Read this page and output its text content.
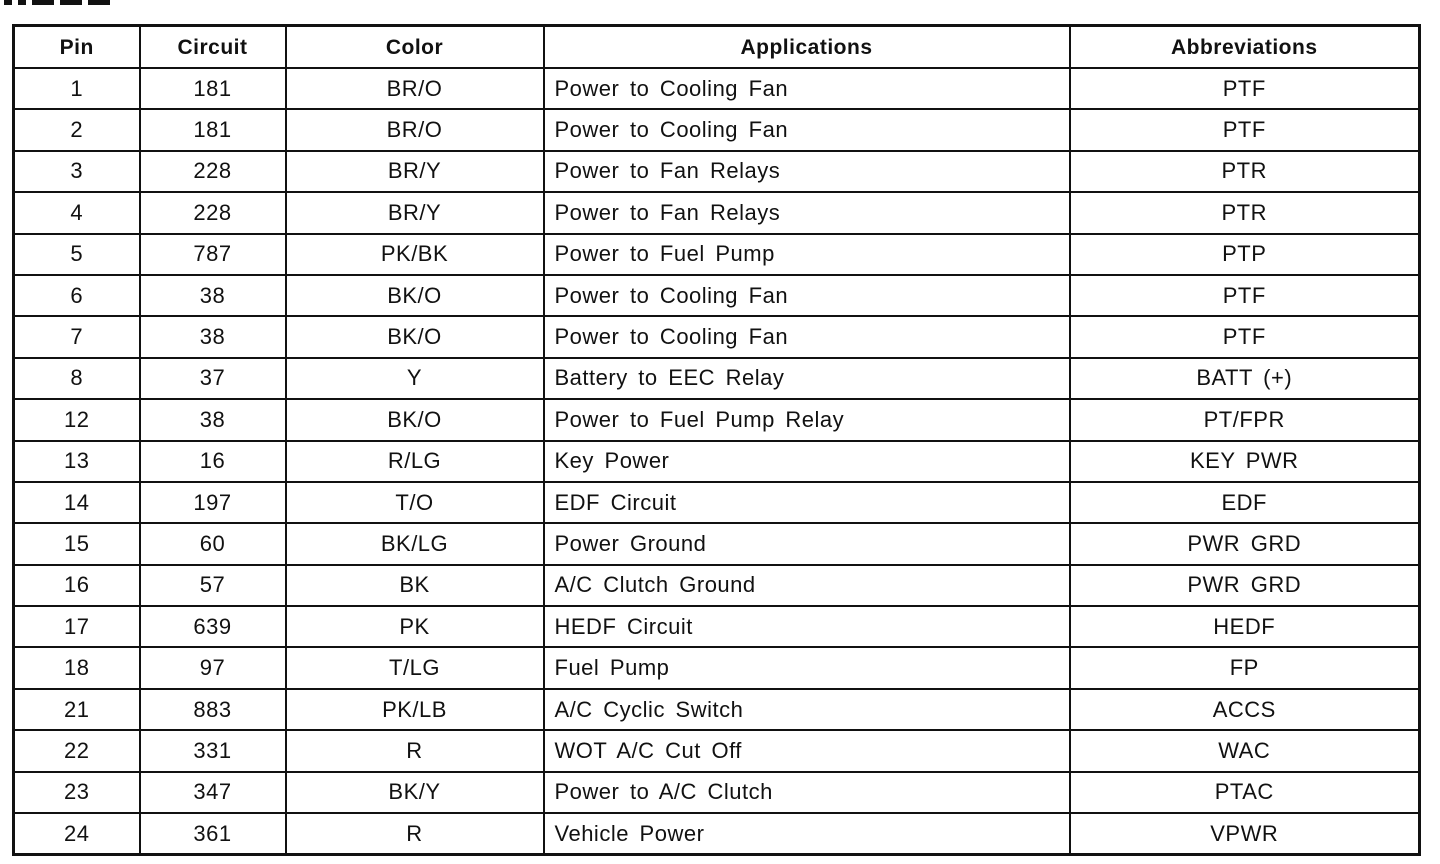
Pin	Circuit	Color	Applications	Abbreviations
1	181	BR/O	Power to Cooling Fan	PTF
2	181	BR/O	Power to Cooling Fan	PTF
3	228	BR/Y	Power to Fan Relays	PTR
4	228	BR/Y	Power to Fan Relays	PTR
5	787	PK/BK	Power to Fuel Pump	PTP
6	38	BK/O	Power to Cooling Fan	PTF
7	38	BK/O	Power to Cooling Fan	PTF
8	37	Y	Battery to EEC Relay	BATT (+)
12	38	BK/O	Power to Fuel Pump Relay	PT/FPR
13	16	R/LG	Key Power	KEY PWR
14	197	T/O	EDF Circuit	EDF
15	60	BK/LG	Power Ground	PWR GRD
16	57	BK	A/C Clutch Ground	PWR GRD
17	639	PK	HEDF Circuit	HEDF
18	97	T/LG	Fuel Pump	FP
21	883	PK/LB	A/C Cyclic Switch	ACCS
22	331	R	WOT A/C Cut Off	WAC
23	347	BK/Y	Power to A/C Clutch	PTAC
24	361	R	Vehicle Power	VPWR
